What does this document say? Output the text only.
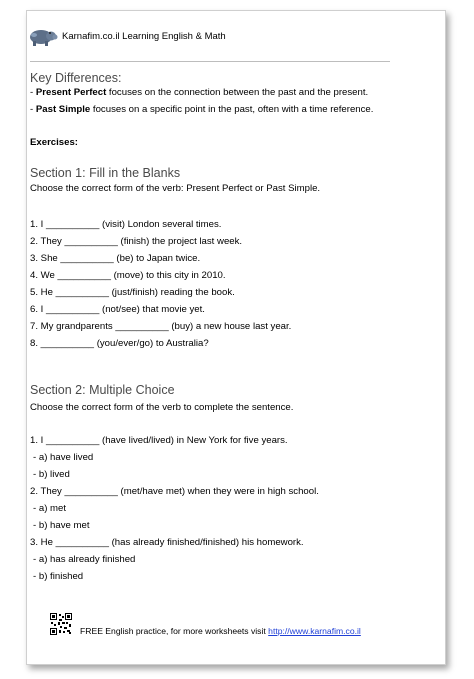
Karnafim.co.il Learning English & Math
Key Differences:
- Present Perfect focuses on the connection between the past and the present.
- Past Simple focuses on a specific point in the past, often with a time reference.
Exercises:
Section 1: Fill in the Blanks
Choose the correct form of the verb: Present Perfect or Past Simple.
1. I __________ (visit) London several times.
2. They __________ (finish) the project last week.
3. She __________ (be) to Japan twice.
4. We __________ (move) to this city in 2010.
5. He __________ (just/finish) reading the book.
6. I __________ (not/see) that movie yet.
7. My grandparents __________ (buy) a new house last year.
8. __________ (you/ever/go) to Australia?
Section 2: Multiple Choice
Choose the correct form of the verb to complete the sentence.
1. I __________ (have lived/lived) in New York for five years.
- a) have lived
- b) lived
2. They __________ (met/have met) when they were in high school.
- a) met
- b) have met
3. He __________ (has already finished/finished) his homework.
- a) has already finished
- b) finished
FREE English practice, for more worksheets visit http://www.karnafim.co.il
